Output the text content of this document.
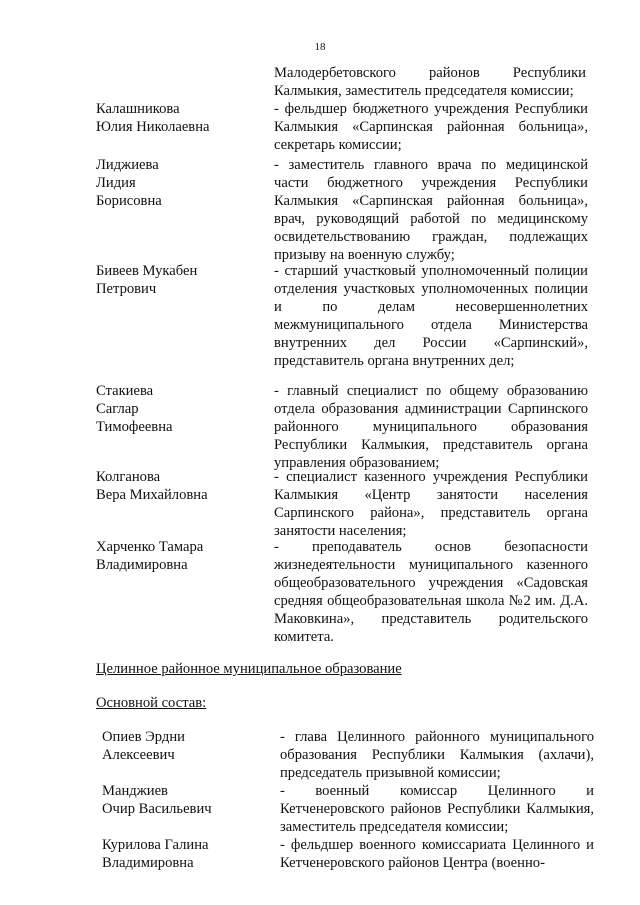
18

Малодербетовского районов Республики Калмыкия, заместитель председателя комиссии;

Калашникова
Юлия Николаевна

- фельдшер бюджетного учреждения Республики Калмыкия «Сарпинская районная больница», секретарь комиссии;

Лиджиева
Лидия
Борисовна

- заместитель главного врача по медицинской части бюджетного учреждения Республики Калмыкия «Сарпинская районная больница», врач, руководящий работой по медицинскому освидетельствованию граждан, подлежащих призыву на военную службу;

Бивеев Мукабен
Петрович

- старший участковый уполномоченный полиции отделения участковых уполномоченных полиции и по делам несовершеннолетних межмуниципального отдела Министерства внутренних дел России «Сарпинский», представитель органа внутренних дел;

Стакиева
Саглар
Тимофеевна

- главный специалист по общему образованию отдела образования администрации Сарпинского районного муниципального образования Республики Калмыкия, представитель органа управления образованием;

Колганова
Вера Михайловна

- специалист казенного учреждения Республики Калмыкия «Центр занятости населения Сарпинского района», представитель органа занятости населения;

Харченко Тамара
Владимировна

- преподаватель основ безопасности жизнедеятельности муниципального казенного общеобразовательного учреждения «Садовская средняя общеобразовательная школа №2 им. Д.А. Маковкина», представитель родительского комитета.

Целинное районное муниципальное образование
Основной состав:
Опиев Эрдни
Алексеевич

- глава Целинного районного муниципального образования Республики Калмыкия (ахлачи), председатель призывной комиссии;

Манджиев
Очир Васильевич

- военный комиссар Целинного и Кетченеровского районов Республики Калмыкия, заместитель председателя комиссии;

Курилова Галина
Владимировна

- фельдшер военного комиссариата Целинного и Кетченеровского районов Центра (военно-
